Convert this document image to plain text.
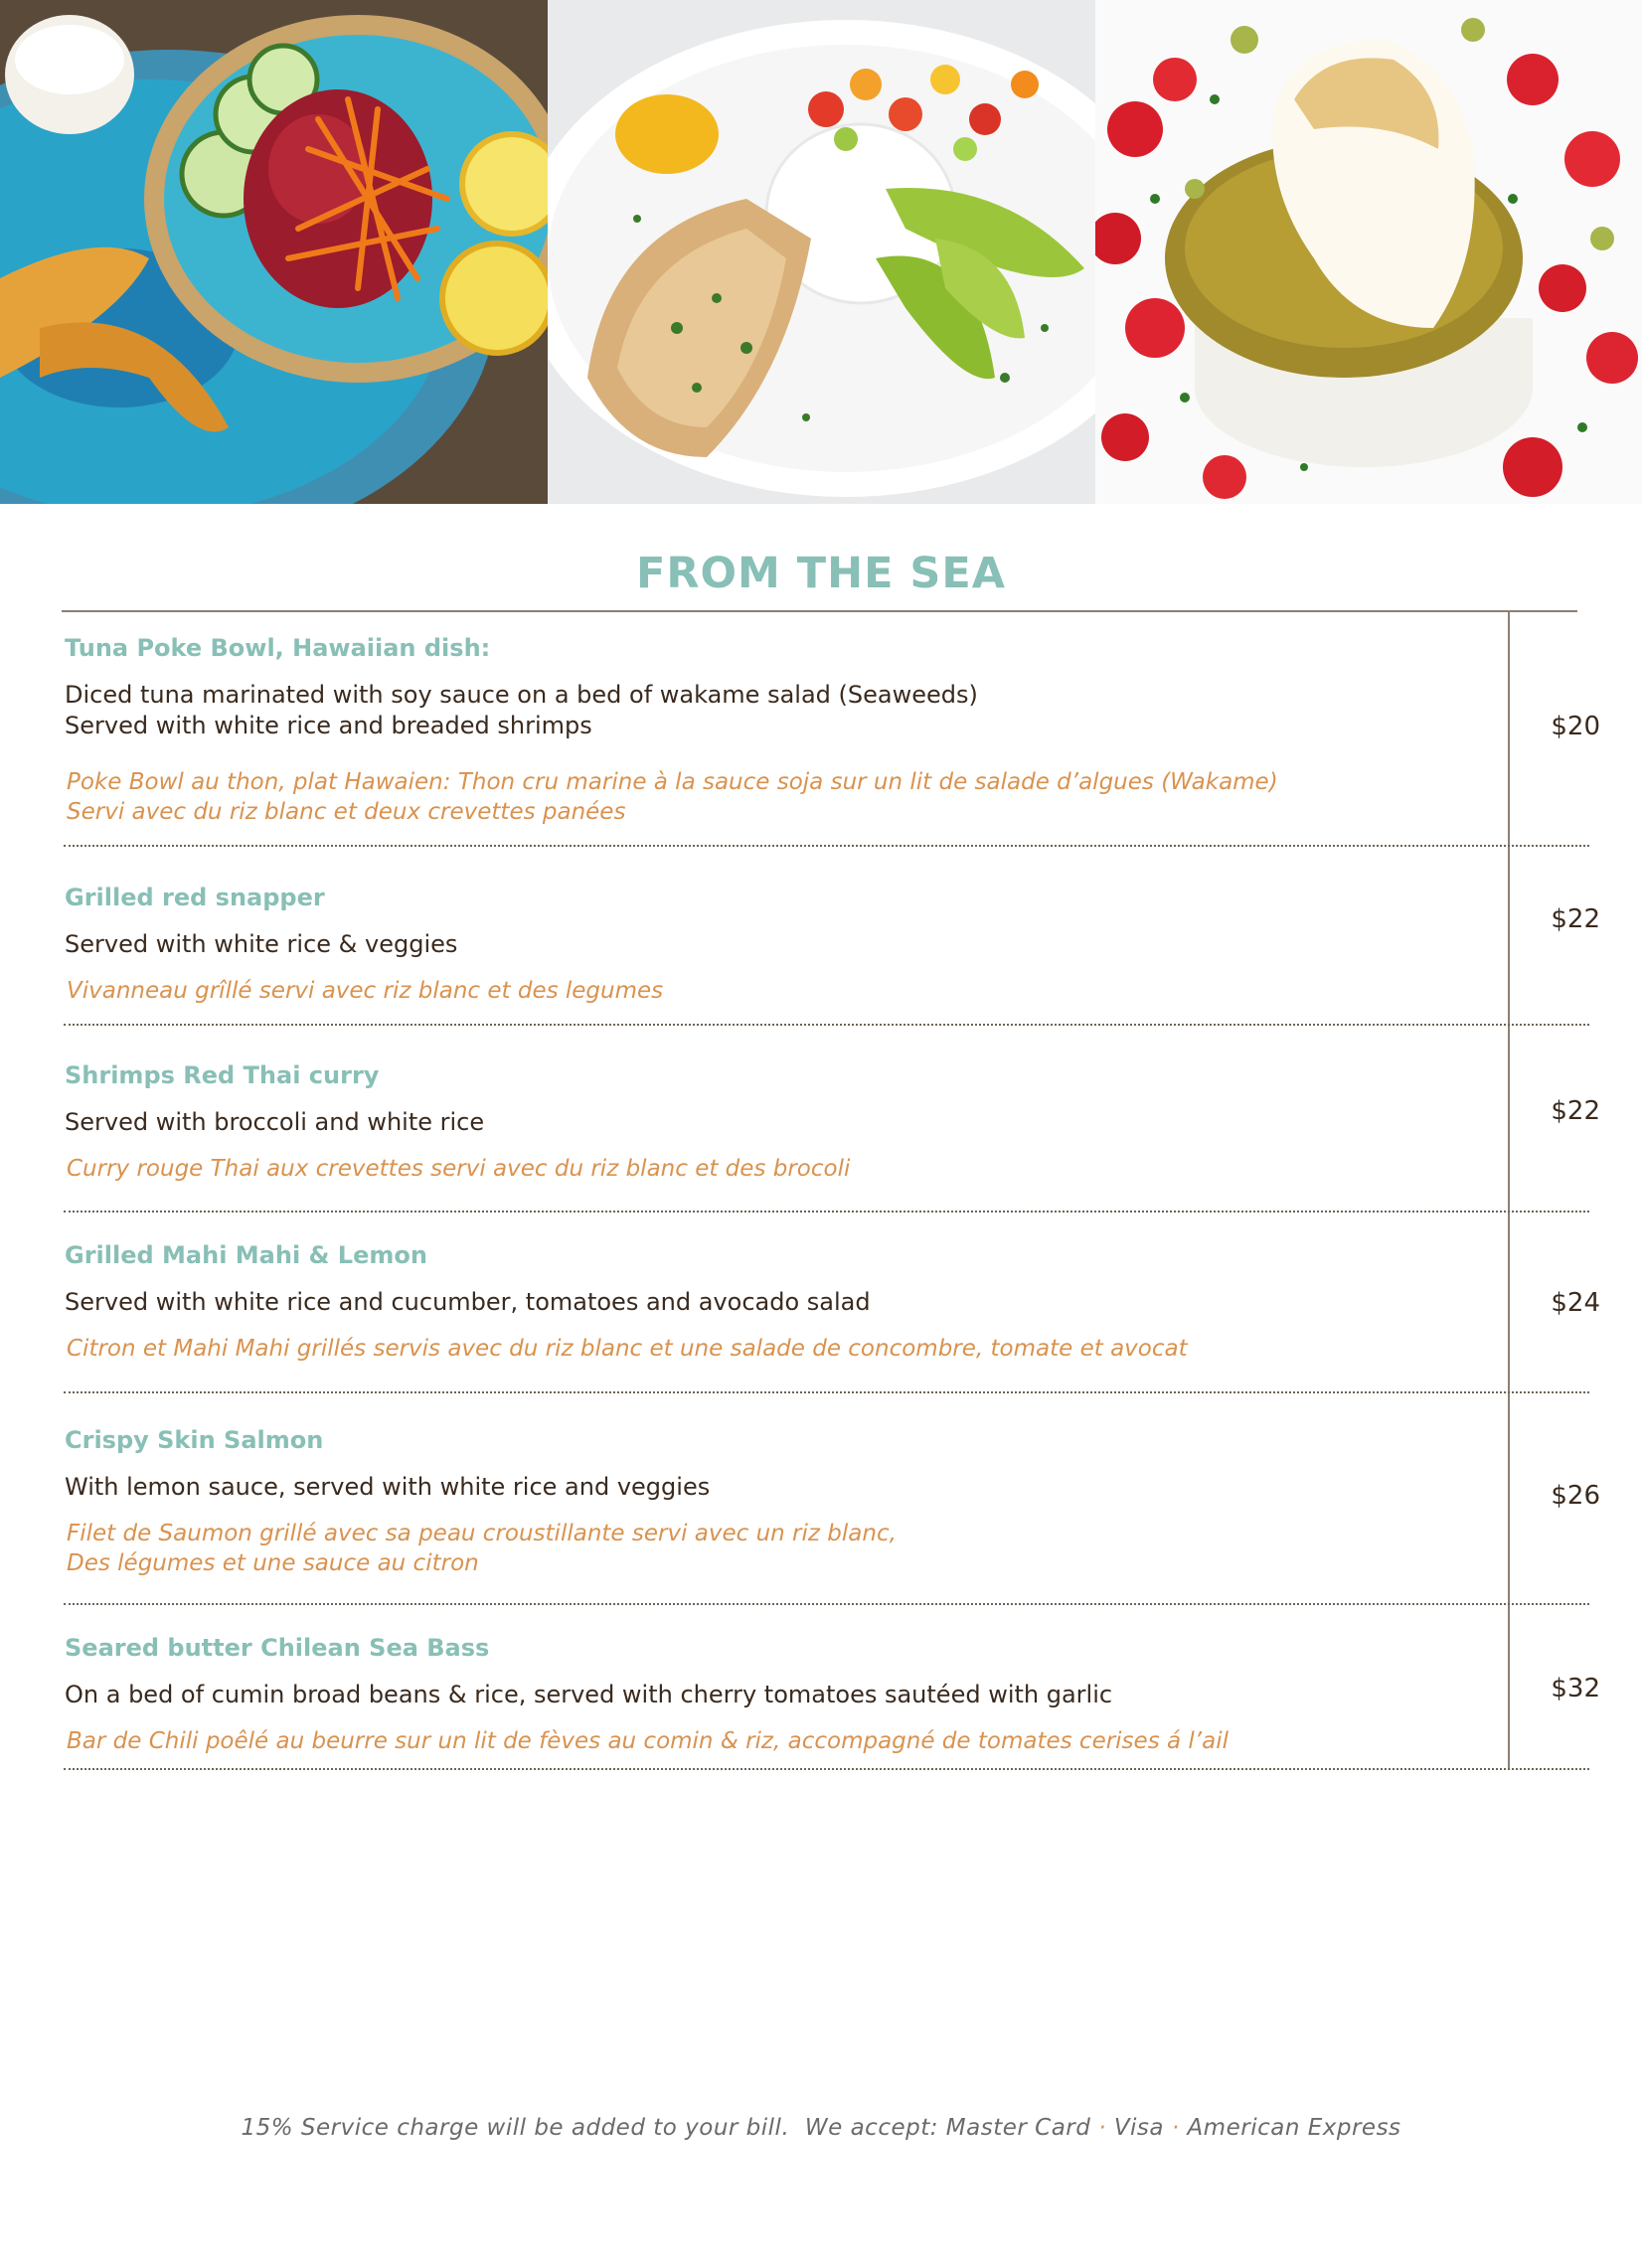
FROM THE SEA
Tuna Poke Bowl, Hawaiian dish:
Diced tuna marinated with soy sauce on a bed of wakame salad (Seaweeds)
Served with white rice and breaded shrimps
Poke Bowl au thon, plat Hawaien: Thon cru marine à la sauce soja sur un lit de salade d’algues (Wakame)
Servi avec du riz blanc et deux crevettes panées
$20
Grilled red snapper
Served with white rice & veggies
Vivanneau grîllé servi avec riz blanc et des legumes
$22
Shrimps Red Thai curry
Served with broccoli and white rice
Curry rouge Thai aux crevettes servi avec du riz blanc et des brocoli
$22
Grilled Mahi Mahi & Lemon
Served with white rice and cucumber, tomatoes and avocado salad
Citron et Mahi Mahi grillés servis avec du riz blanc et une salade de concombre, tomate et avocat
$24
Crispy Skin Salmon
With lemon sauce, served with white rice and veggies
Filet de Saumon grillé avec sa peau croustillante servi avec un riz blanc,
Des légumes et une sauce au citron
$26
Seared butter Chilean Sea Bass
On a bed of cumin broad beans & rice, served with cherry tomatoes sautéed with garlic
Bar de Chili poêlé au beurre sur un lit de fèves au comin & riz, accompagné de tomates cerises á l’ail
$32
15% Service charge will be added to your bill.  We accept: Master Card · Visa · American Express
